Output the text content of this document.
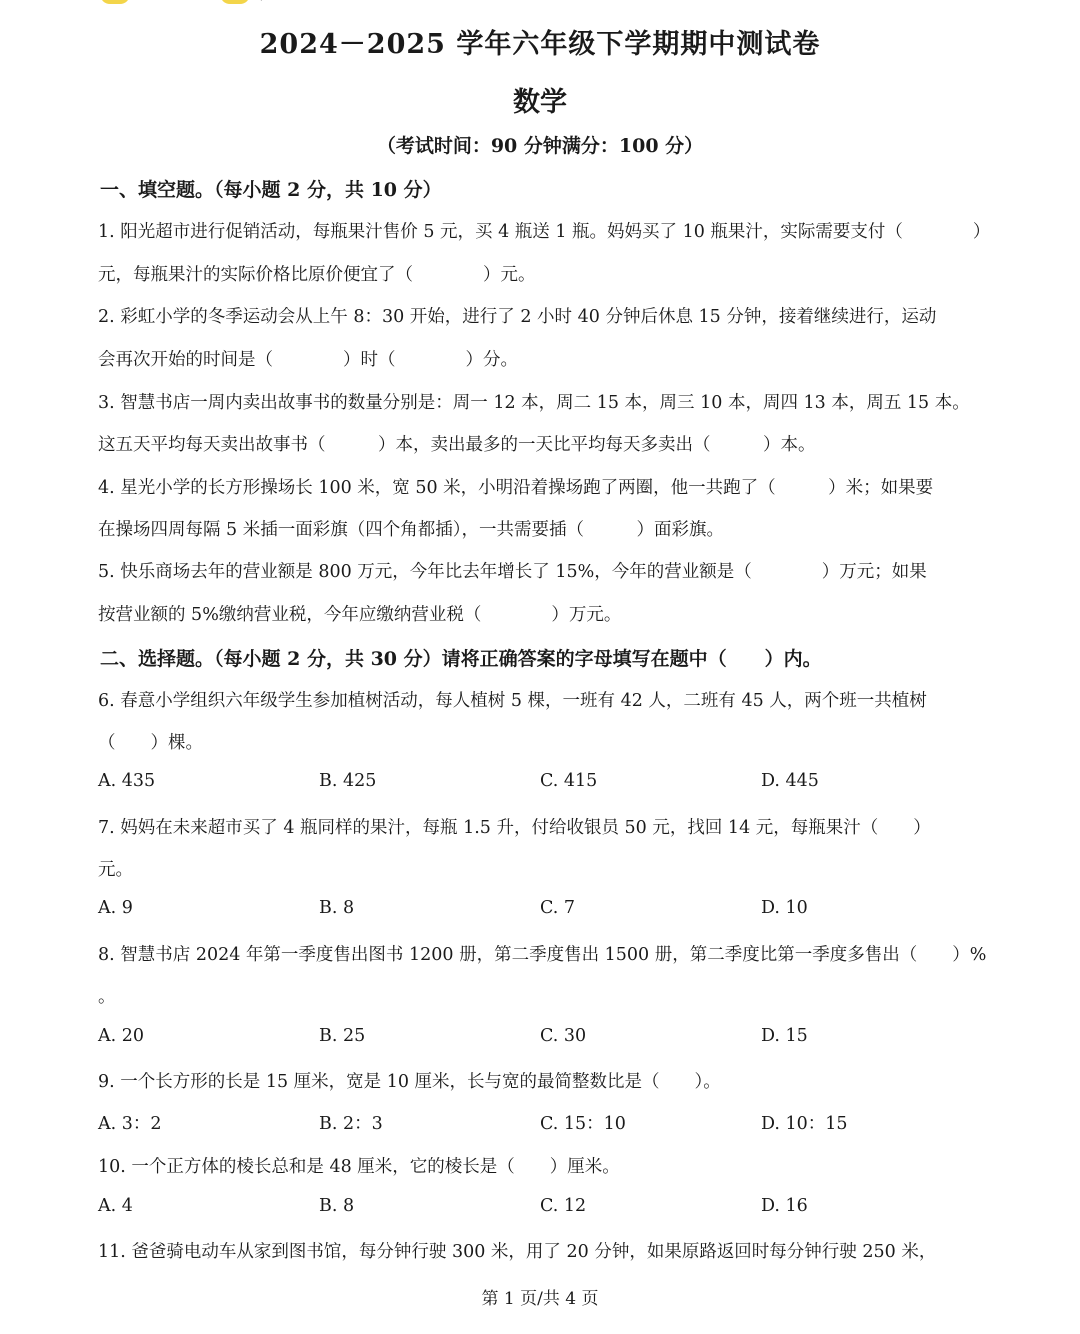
2024－2025 学年六年级下学期期中测试卷
数学
（考试时间：90 分钟满分：100 分）
一、填空题。（每小题 2 分，共 10 分）
1. 阳光超市进行促销活动，每瓶果汁售价 5 元，买 4 瓶送 1 瓶。妈妈买了 10 瓶果汁，实际需要支付（　　　　）
元，每瓶果汁的实际价格比原价便宜了（　　　　）元。
2. 彩虹小学的冬季运动会从上午 8：30 开始，进行了 2 小时 40 分钟后休息 15 分钟，接着继续进行，运动
会再次开始的时间是（　　　　）时（　　　　）分。
3. 智慧书店一周内卖出故事书的数量分别是：周一 12 本，周二 15 本，周三 10 本，周四 13 本，周五 15 本。
这五天平均每天卖出故事书（　　　）本，卖出最多的一天比平均每天多卖出（　　　）本。
4. 星光小学的长方形操场长 100 米，宽 50 米，小明沿着操场跑了两圈，他一共跑了（　　　）米；如果要
在操场四周每隔 5 米插一面彩旗（四个角都插），一共需要插（　　　）面彩旗。
5. 快乐商场去年的营业额是 800 万元，今年比去年增长了 15%，今年的营业额是（　　　　）万元；如果
按营业额的 5%缴纳营业税，今年应缴纳营业税（　　　　）万元。
二、选择题。（每小题 2 分，共 30 分）请将正确答案的字母填写在题中（　　）内。
6. 春意小学组织六年级学生参加植树活动，每人植树 5 棵，一班有 42 人，二班有 45 人，两个班一共植树
（　　）棵。
A. 435	B. 425	C. 415	D. 445
7. 妈妈在未来超市买了 4 瓶同样的果汁，每瓶 1.5 升，付给收银员 50 元，找回 14 元，每瓶果汁（　　）
元。
A. 9	B. 8	C. 7	D. 10
8. 智慧书店 2024 年第一季度售出图书 1200 册，第二季度售出 1500 册，第二季度比第一季度多售出（　　）%
。
A. 20	B. 25	C. 30	D. 15
9. 一个长方形的长是 15 厘米，宽是 10 厘米，长与宽的最简整数比是（　　）。
A. 3：2	B. 2：3	C. 15：10	D. 10：15
10. 一个正方体的棱长总和是 48 厘米，它的棱长是（　　）厘米。
A. 4	B. 8	C. 12	D. 16
11. 爸爸骑电动车从家到图书馆，每分钟行驶 300 米，用了 20 分钟，如果原路返回时每分钟行驶 250 米，
第 1 页/共 4 页
